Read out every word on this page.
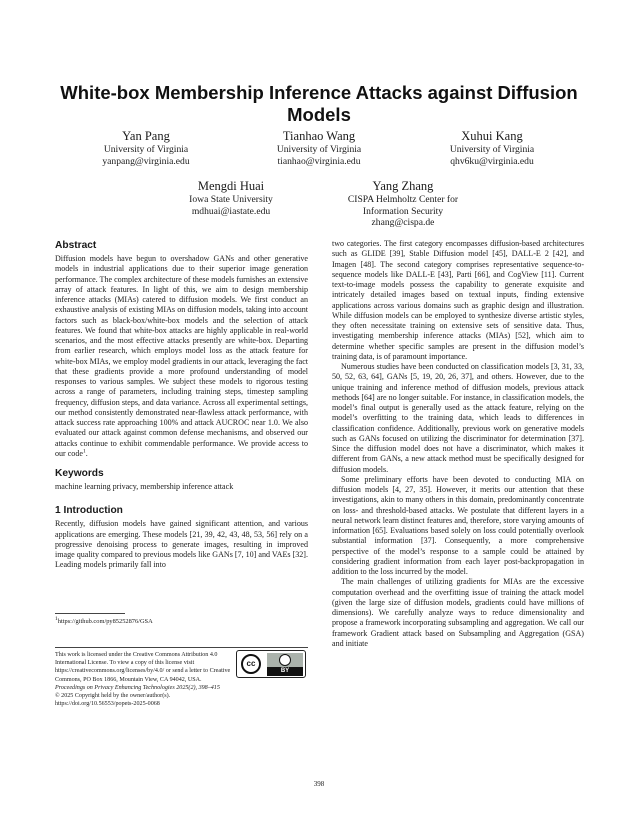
White-box Membership Inference Attacks against Diffusion Models
Yan Pang
University of Virginia
yanpang@virginia.edu
Tianhao Wang
University of Virginia
tianhao@virginia.edu
Xuhui Kang
University of Virginia
qhv6ku@virginia.edu
Mengdi Huai
Iowa State University
mdhuai@iastate.edu
Yang Zhang
CISPA Helmholtz Center for
Information Security
zhang@cispa.de
Abstract

Diffusion models have begun to overshadow GANs and other generative models in industrial applications due to their superior image generation performance. The complex architecture of these models furnishes an extensive array of attack features. In light of this, we aim to design membership inference attacks (MIAs) catered to diffusion models. We first conduct an exhaustive analysis of existing MIAs on diffusion models, taking into account factors such as black-box/white-box models and the selection of attack features. We found that white-box attacks are highly applicable in real-world scenarios, and the most effective attacks presently are white-box. Departing from earlier research, which employs model loss as the attack feature for white-box MIAs, we employ model gradients in our attack, leveraging the fact that these gradients provide a more profound understanding of model responses to various samples. We subject these models to rigorous testing across a range of parameters, including training steps, timestep sampling frequency, diffusion steps, and data variance. Across all experimental settings, our method consistently demonstrated near-flawless attack performance, with attack success rate approaching 100% and attack AUCROC near 1.0. We also evaluated our attack against common defense mechanisms, and observed our attacks continue to exhibit commendable performance. We provide access to our code$^1$.

Keywords

machine learning privacy, membership inference attack

1 Introduction

Recently, diffusion models have gained significant attention, and various applications are emerging. These models [21, 39, 42, 43, 48, 53, 56] rely on a progressive denoising process to generate images, resulting in improved image quality compared to previous models like GANs [7, 10] and VAEs [32]. Leading models primarily fall into

$^1$https://github.com/py85252876/GSA
This work is licensed under the Creative Commons Attribution 4.0 International License. To view a copy of this license visit https://creativecommons.org/licenses/by/4.0/ or send a letter to Creative Commons, PO Box 1866, Mountain View, CA 94042, USA.
Proceedings on Privacy Enhancing Technologies 2025(2), 398–415
© 2025 Copyright held by the owner/author(s).
https://doi.org/10.56553/popets-2025-0068
cc
BY

two categories. The first category encompasses diffusion-based architectures such as GLIDE [39], Stable Diffusion model [45], DALL-E 2 [42], and Imagen [48]. The second category comprises representative sequence-to-sequence models like DALL-E [43], Parti [66], and CogView [11]. Current text-to-image models possess the capability to generate exquisite and intricately detailed images based on textual inputs, finding extensive applications across various domains such as graphic design and illustration. While diffusion models can be employed to synthesize diverse artistic styles, they often necessitate training on extensive sets of sensitive data. Thus, investigating membership inference attacks (MIAs) [52], which aim to determine whether specific samples are present in the diffusion model’s training data, is of paramount importance.

Numerous studies have been conducted on classification models [3, 31, 33, 50, 52, 63, 64], GANs [5, 19, 20, 26, 37], and others. However, due to the unique training and inference method of diffusion models, previous attack methods [64] are no longer suitable. For instance, in classification models, the model’s final output is generally used as the attack feature, relying on the model’s overfitting to the training data, which leads to differences in classification confidence. Additionally, previous work on generative models such as GANs focused on utilizing the discriminator for determination [37]. Since the diffusion model does not have a discriminator, which makes it different from GANs, a new attack method must be specifically designed for diffusion models.

Some preliminary efforts have been devoted to conducting MIA on diffusion models [4, 27, 35]. However, it merits our attention that these investigations, akin to many others in this domain, predominantly concentrate on loss- and threshold-based attacks. We postulate that different layers in a neural network learn distinct features and, therefore, store varying amounts of information [65]. Evaluations based solely on loss could potentially overlook substantial information [37]. Consequently, a more comprehensive perspective of the model’s response to a sample could be attained by considering gradient information from each layer post-backpropagation in addition to the loss incurred by the model.

The main challenges of utilizing gradients for MIAs are the excessive computation overhead and the overfitting issue of training the attack model (given the large size of diffusion models, gradients could have millions of dimensions). We carefully analyze ways to reduce dimensionality and propose a framework incorporating subsampling and aggregation. We call our framework Gradient attack based on Subsampling and Aggregation (GSA) and initiate

398
